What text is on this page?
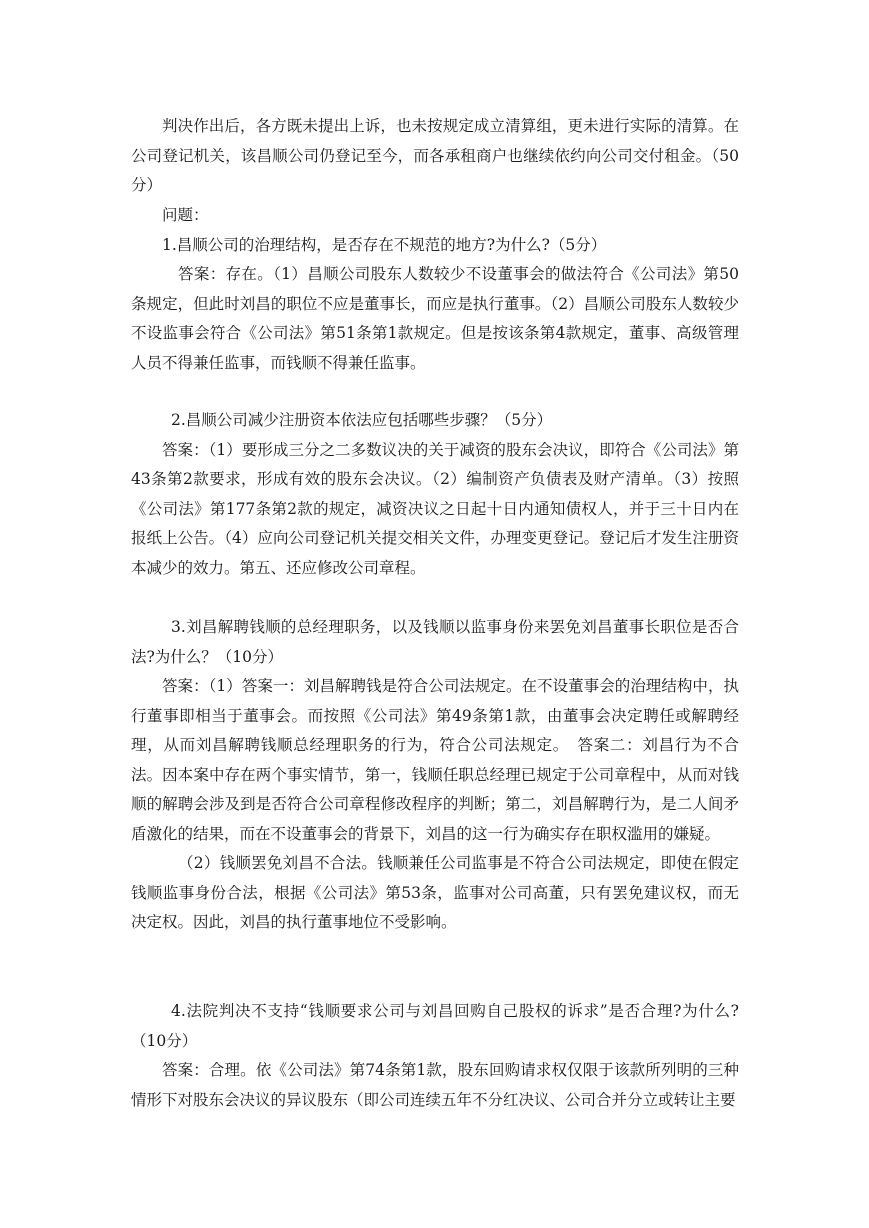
判决作出后，各方既未提出上诉，也未按规定成立清算组，更未进行实际的清算。在公司登记机关，该昌顺公司仍登记至今，而各承租商户也继续依约向公司交付租金。（50分）

问题：

1.昌顺公司的治理结构，是否存在不规范的地方?为什么?（5分）

答案：存在。（1）昌顺公司股东人数较少不设董事会的做法符合《公司法》第50条规定，但此时刘昌的职位不应是董事长，而应是执行董事。（2）昌顺公司股东人数较少不设监事会符合《公司法》第51条第1款规定。但是按该条第4款规定，董事、高级管理人员不得兼任监事，而钱顺不得兼任监事。

2.昌顺公司减少注册资本依法应包括哪些步骤？（5分）

答案：（1）要形成三分之二多数议决的关于减资的股东会决议，即符合《公司法》第43条第2款要求，形成有效的股东会决议。（2）编制资产负债表及财产清单。（3）按照《公司法》第177条第2款的规定，减资决议之日起十日内通知债权人，并于三十日内在报纸上公告。（4）应向公司登记机关提交相关文件，办理变更登记。登记后才发生注册资本减少的效力。第五、还应修改公司章程。

3.刘昌解聘钱顺的总经理职务，以及钱顺以监事身份来罢免刘昌董事长职位是否合法?为什么？（10分）

答案：（1）答案一：刘昌解聘钱是符合公司法规定。在不设董事会的治理结构中，执行董事即相当于董事会。而按照《公司法》第49条第1款，由董事会决定聘任或解聘经理，从而刘昌解聘钱顺总经理职务的行为，符合公司法规定。　答案二：刘昌行为不合法。因本案中存在两个事实情节，第一，钱顺任职总经理已规定于公司章程中，从而对钱顺的解聘会涉及到是否符合公司章程修改程序的判断；第二，刘昌解聘行为，是二人间矛盾激化的结果，而在不设董事会的背景下，刘昌的这一行为确实存在职权滥用的嫌疑。

（2）钱顺罢免刘昌不合法。钱顺兼任公司监事是不符合公司法规定，即使在假定钱顺监事身份合法，根据《公司法》第53条，监事对公司高董，只有罢免建议权，而无决定权。因此，刘昌的执行董事地位不受影响。

4.法院判决不支持“钱顺要求公司与刘昌回购自己股权的诉求”是否合理?为什么?（10分）

答案：合理。依《公司法》第74条第1款，股东回购请求权仅限于该款所列明的三种情形下对股东会决议的异议股东（即公司连续五年不分红决议、公司合并分立或转让主要
